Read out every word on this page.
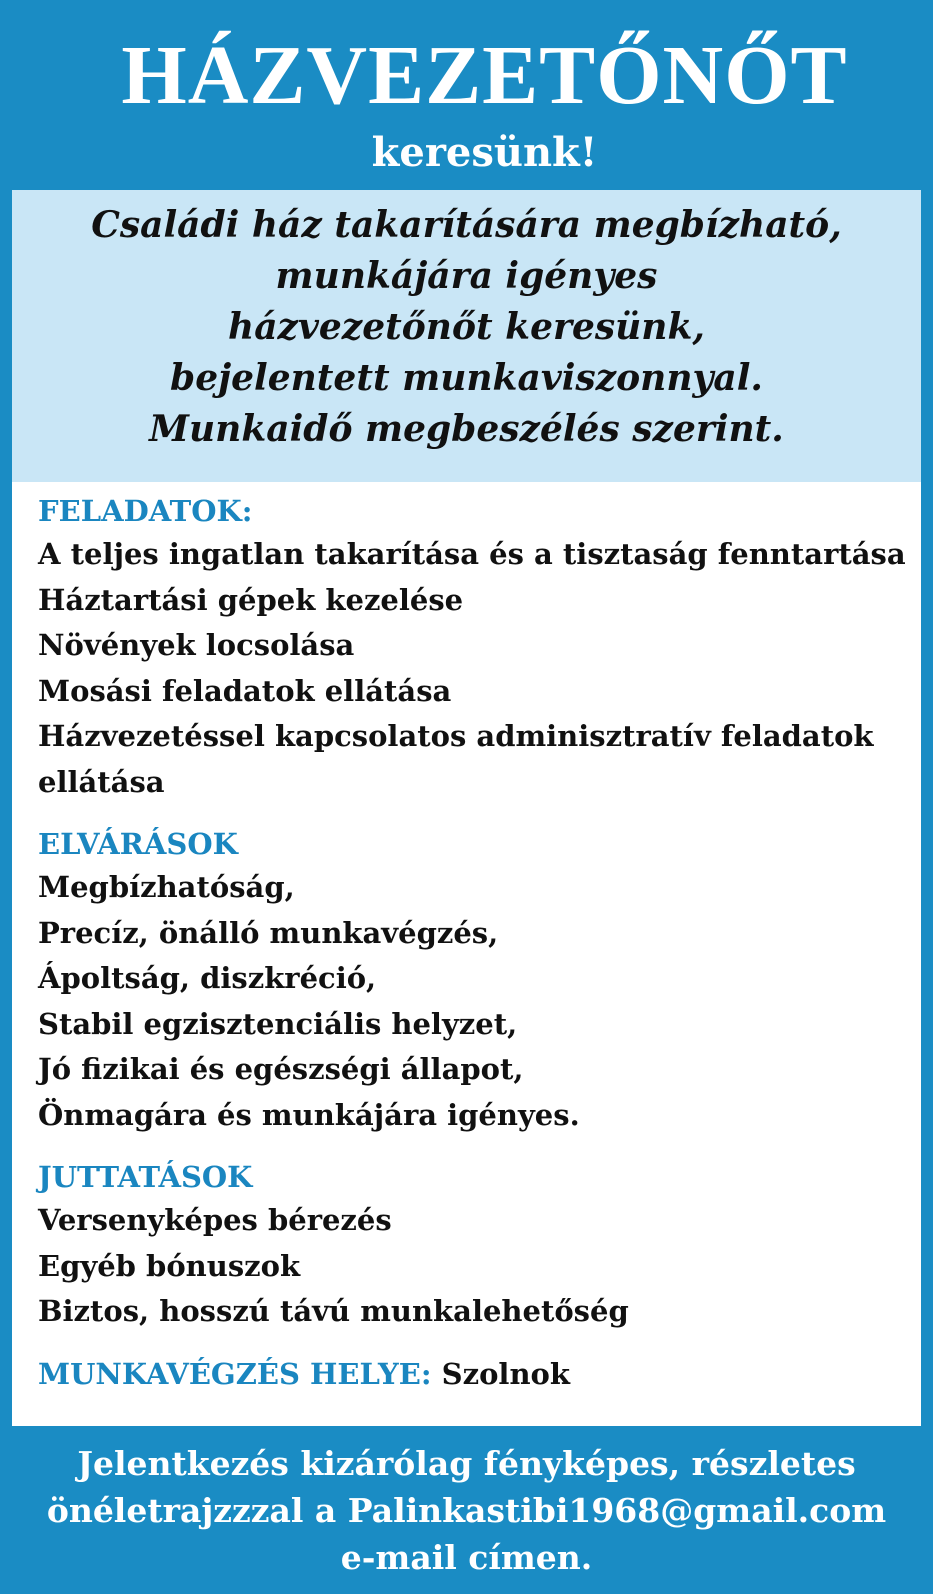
HÁZVEZETŐNŐT
keresünk!
Családi ház takarítására megbízható,
munkájára igényes
házvezetőnőt keresünk,
bejelentett munkaviszonnyal.
Munkaidő megbeszélés szerint.
FELADATOK:
A teljes ingatlan takarítása és a tisztaság fenntartása
Háztartási gépek kezelése
Növények locsolása
Mosási feladatok ellátása
Házvezetéssel kapcsolatos adminisztratív feladatok
ellátása
ELVÁRÁSOK
Megbízhatóság,
Precíz, önálló munkavégzés,
Ápoltság, diszkréció,
Stabil egzisztenciális helyzet,
Jó fizikai és egészségi állapot,
Önmagára és munkájára igényes.
JUTTATÁSOK
Versenyképes bérezés
Egyéb bónuszok
Biztos, hosszú távú munkalehetőség
MUNKAVÉGZÉS HELYE: Szolnok
Jelentkezés kizárólag fényképes, részletes
önéletrajzzzal a Palinkastibi1968@gmail.com
e-mail címen.
